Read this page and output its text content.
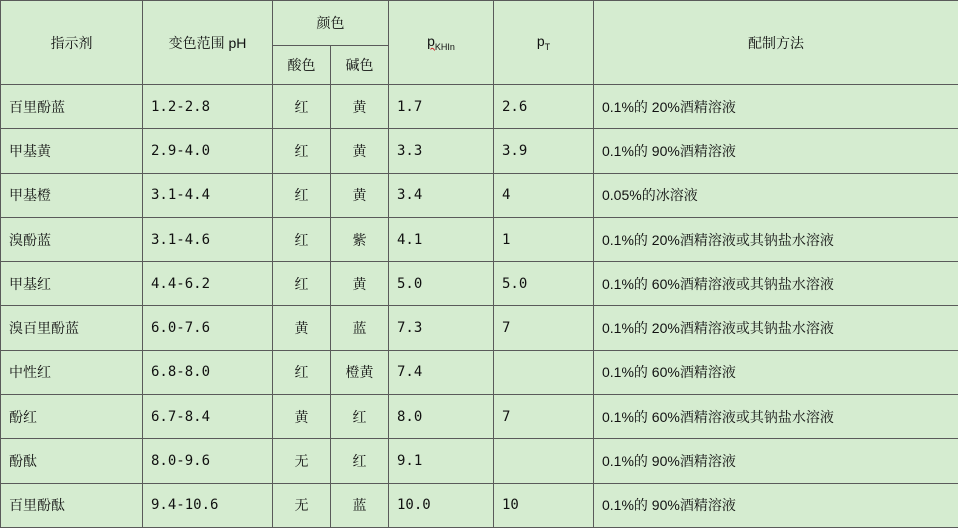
指示剂	变色范围 pH	颜色		$p_{KHIn}$	$p_T$	配制方法
		酸色	碱色			
百里酚蓝	1.2-2.8	红	黄	1.7	2.6	0.1%的 20%酒精溶液
甲基黄	2.9-4.0	红	黄	3.3	3.9	0.1%的 90%酒精溶液
甲基橙	3.1-4.4	红	黄	3.4	4	0.05%的冰溶液
溴酚蓝	3.1-4.6	红	紫	4.1	1	0.1%的 20%酒精溶液或其钠盐水溶液
甲基红	4.4-6.2	红	黄	5.0	5.0	0.1%的 60%酒精溶液或其钠盐水溶液
溴百里酚蓝	6.0-7.6	黄	蓝	7.3	7	0.1%的 20%酒精溶液或其钠盐水溶液
中性红	6.8-8.0	红	橙黄	7.4		0.1%的 60%酒精溶液
酚红	6.7-8.4	黄	红	8.0	7	0.1%的 60%酒精溶液或其钠盐水溶液
酚酞	8.0-9.6	无	红	9.1		0.1%的 90%酒精溶液
百里酚酞	9.4-10.6	无	蓝	10.0	10	0.1%的 90%酒精溶液
